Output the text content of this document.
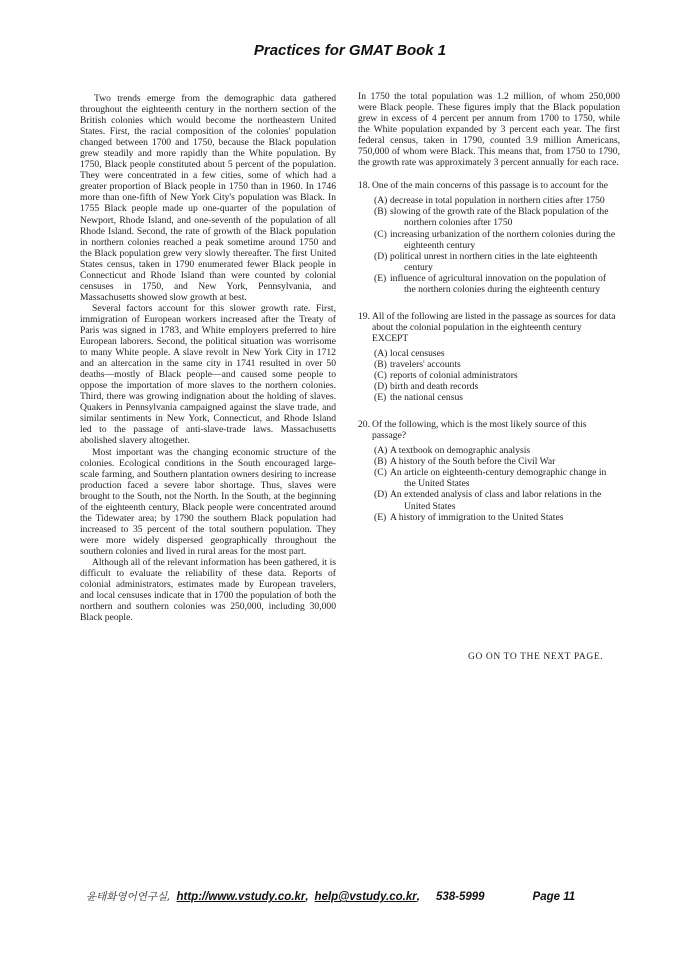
Practices for GMAT Book 1

Two trends emerge from the demographic data gathered throughout the eighteenth century in the northern section of the British colonies which would become the northeastern United States. First, the racial composition of the colonies' population changed between 1700 and 1750, because the Black population grew steadily and more rapidly than the White population. By 1750, Black people constituted about 5 percent of the population. They were concentrated in a few cities, some of which had a greater proportion of Black people in 1750 than in 1960. In 1746 more than one-fifth of New York City's population was Black. In 1755 Black people made up one-quarter of the population of Newport, Rhode Island, and one-seventh of the population of all Rhode Island. Second, the rate of growth of the Black population in northern colonies reached a peak sometime around 1750 and the Black population grew very slowly thereafter. The first United States census, taken in 1790 enumerated fewer Black people in Connecticut and Rhode Island than were counted by colonial censuses in 1750, and New York, Pennsylvania, and Massachusetts showed slow growth at best.

Several factors account for this slower growth rate. First, immigration of European workers increased after the Treaty of Paris was signed in 1783, and White employers preferred to hire European laborers. Second, the political situation was worrisome to many White people. A slave revolt in New York City in 1712 and an altercation in the same city in 1741 resulted in over 50 deaths—mostly of Black people—and caused some people to oppose the importation of more slaves to the northern colonies. Third, there was growing indignation about the holding of slaves. Quakers in Pennsylvania campaigned against the slave trade, and similar sentiments in New York, Connecticut, and Rhode Island led to the passage of anti-slave-trade laws. Massachusetts abolished slavery altogether.

Most important was the changing economic structure of the colonies. Ecological conditions in the South encouraged large-scale farming, and Southern plantation owners desiring to increase production faced a severe labor shortage. Thus, slaves were brought to the South, not the North. In the South, at the beginning of the eighteenth century, Black people were concentrated around the Tidewater area; by 1790 the southern Black population had increased to 35 percent of the total southern population. They were more widely dispersed geographically throughout the southern colonies and lived in rural areas for the most part.

Although all of the relevant information has been gathered, it is difficult to evaluate the reliability of these data. Reports of colonial administrators, estimates made by European travelers, and local censuses indicate that in 1700 the population of both the northern and southern colonies was 250,000, including 30,000 Black people.

In 1750 the total population was 1.2 million, of whom 250,000 were Black people. These figures imply that the Black population grew in excess of 4 percent per annum from 1700 to 1750, while the White population expanded by 3 percent each year. The first federal census, taken in 1790, counted 3.9 million Americans, 750,000 of whom were Black. This means that, from 1750 to 1790, the growth rate was approximately 3 percent annually for each race.

18. One of the main concerns of this passage is to account for the
(A) decrease in total population in northern cities after 1750
(B) slowing of the growth rate of the Black population of the northern colonies after 1750
(C) increasing urbanization of the northern colonies during the eighteenth century
(D) political unrest in northern cities in the late eighteenth century
(E) influence of agricultural innovation on the population of the northern colonies during the eighteenth century
19. All of the following are listed in the passage as sources for data about the colonial population in the eighteenth century EXCEPT
(A) local censuses
(B) travelers' accounts
(C) reports of colonial administrators
(D) birth and death records
(E) the national census
20. Of the following, which is the most likely source of this passage?
(A) A textbook on demographic analysis
(B) A history of the South before the Civil War
(C) An article on eighteenth-century demographic change in the United States
(D) An extended analysis of class and labor relations in the United States
(E) A history of immigration to the United States
GO ON TO THE NEXT PAGE.
윤태화영어연구실, http://www.vstudy.co.kr , help@vstudy.co.kr , 538-5999	Page 11
